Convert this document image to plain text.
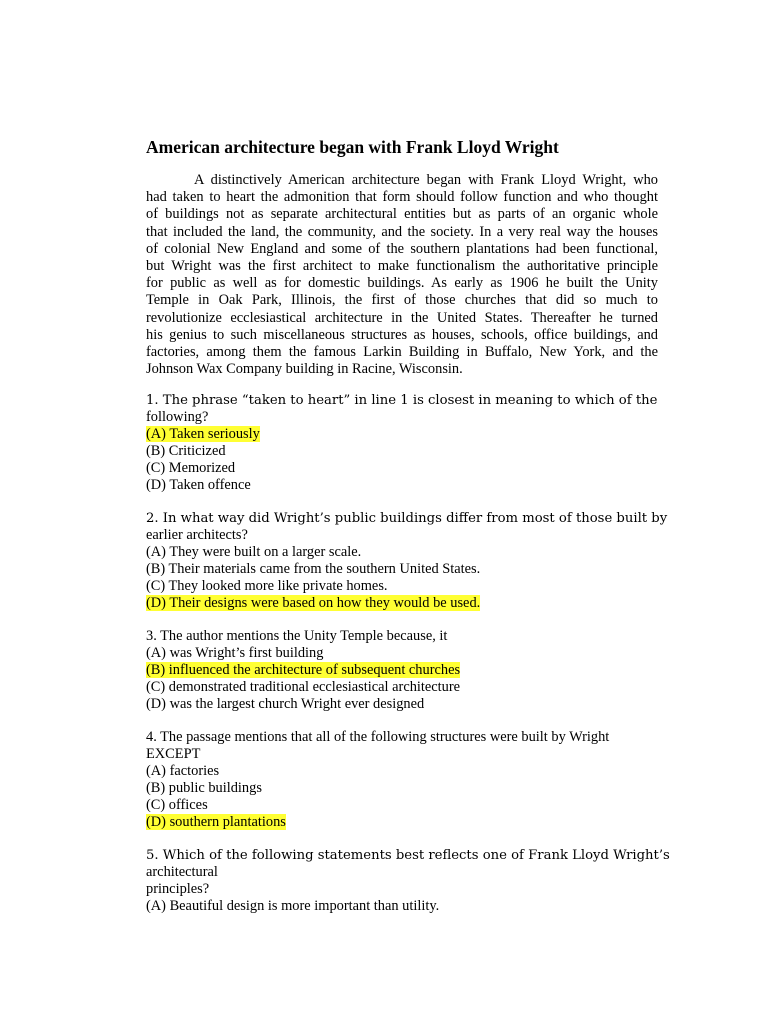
American architecture began with Frank Lloyd Wright
A distinctively American architecture began with Frank Lloyd Wright, who
had taken to heart the admonition that form should follow function and who thought
of buildings not as separate architectural entities but as parts of an organic whole
that included the land, the community, and the society. In a very real way the houses
of colonial New England and some of the southern plantations had been functional,
but Wright was the first architect to make functionalism the authoritative principle
for public as well as for domestic buildings. As early as 1906 he built the Unity
Temple in Oak Park, Illinois, the first of those churches that did so much to
revolutionize ecclesiastical architecture in the United States. Thereafter he turned
his genius to such miscellaneous structures as houses, schools, office buildings, and
factories, among them the famous Larkin Building in Buffalo, New York, and the
Johnson Wax Company building in Racine, Wisconsin.
1. The phrase “taken to heart” in line 1 is closest in meaning to which of the
following?
(A) Taken seriously
(B) Criticized
(C) Memorized
(D) Taken offence
2. In what way did Wright’s public buildings differ from most of those built by
earlier architects?
(A) They were built on a larger scale.
(B) Their materials came from the southern United States.
(C) They looked more like private homes.
(D) Their designs were based on how they would be used.
3. The author mentions the Unity Temple because, it
(A) was Wright’s first building
(B) influenced the architecture of subsequent churches
(C) demonstrated traditional ecclesiastical architecture
(D) was the largest church Wright ever designed
4. The passage mentions that all of the following structures were built by Wright
EXCEPT
(A) factories
(B) public buildings
(C) offices
(D) southern plantations
5. Which of the following statements best reflects one of Frank Lloyd Wright’s
architectural
principles?
(A) Beautiful design is more important than utility.
